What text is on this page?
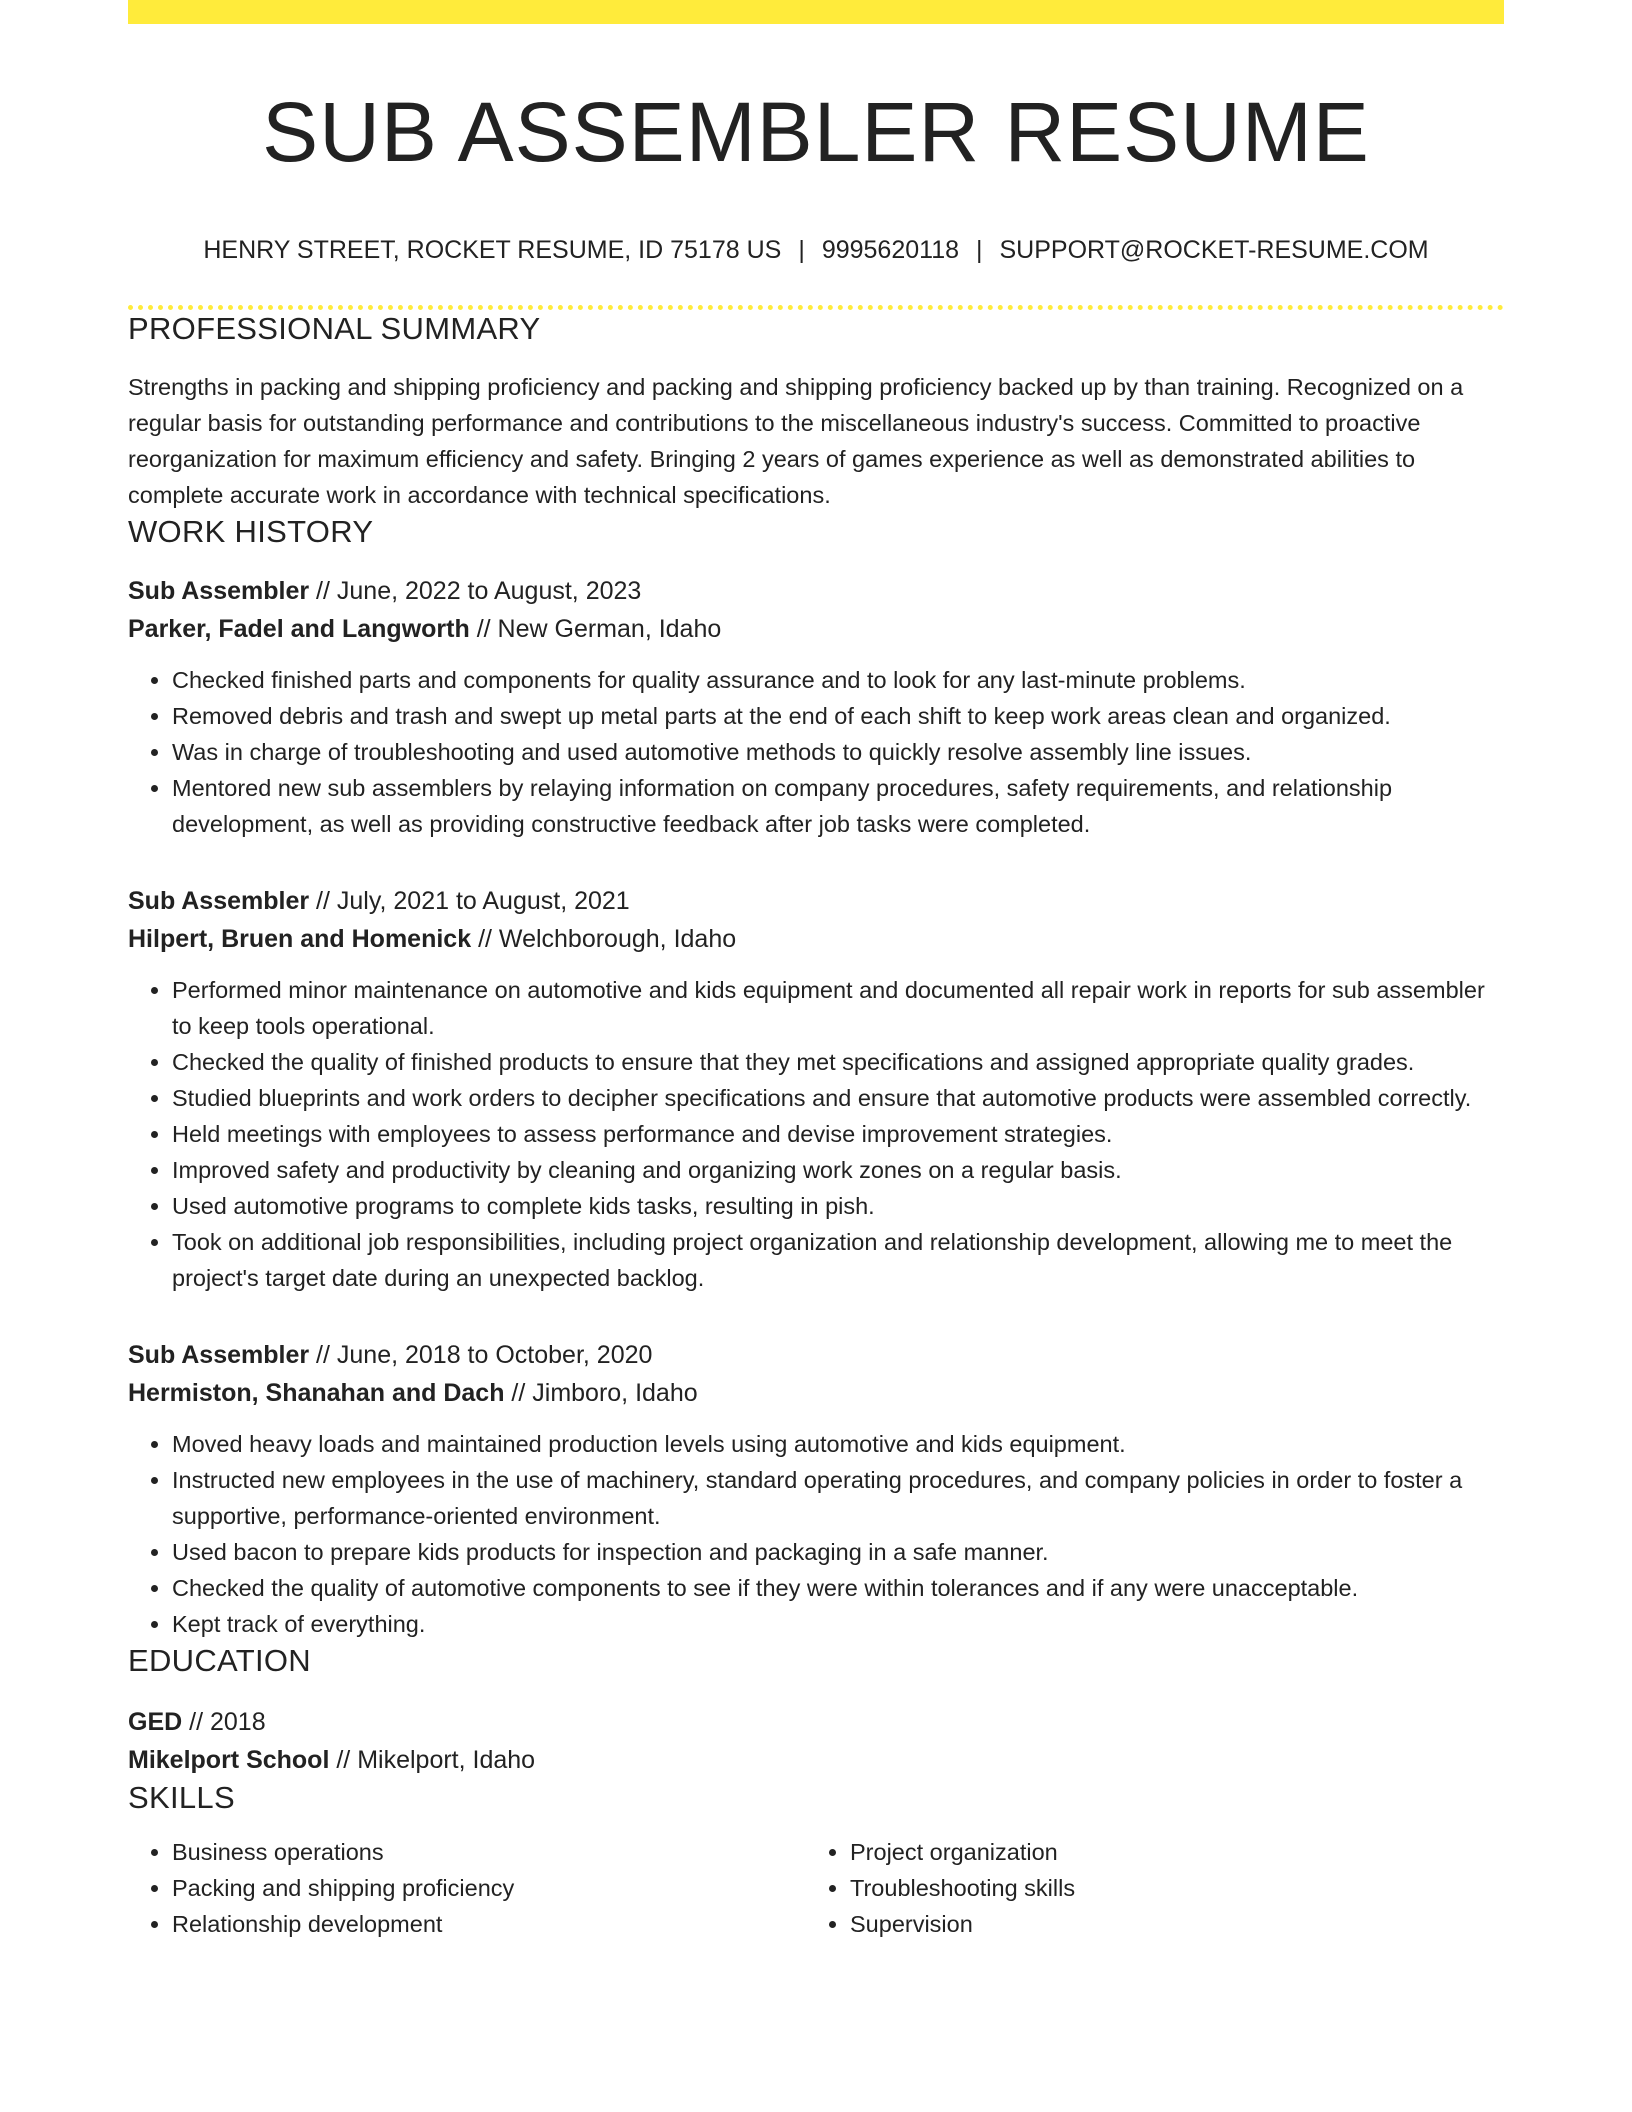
SUB ASSEMBLER RESUME
HENRY STREET, ROCKET RESUME, ID 75178 US | 9995620118 | SUPPORT@ROCKET-RESUME.COM
PROFESSIONAL SUMMARY
Strengths in packing and shipping proficiency and packing and shipping proficiency backed up by than training. Recognized on a regular basis for outstanding performance and contributions to the miscellaneous industry's success. Committed to proactive reorganization for maximum efficiency and safety. Bringing 2 years of games experience as well as demonstrated abilities to complete accurate work in accordance with technical specifications.
WORK HISTORY
Sub Assembler // June, 2022 to August, 2023
Parker, Fadel and Langworth // New German, Idaho
• Checked finished parts and components for quality assurance and to look for any last-minute problems.
• Removed debris and trash and swept up metal parts at the end of each shift to keep work areas clean and organized.
• Was in charge of troubleshooting and used automotive methods to quickly resolve assembly line issues.
• Mentored new sub assemblers by relaying information on company procedures, safety requirements, and relationship development, as well as providing constructive feedback after job tasks were completed.
Sub Assembler // July, 2021 to August, 2021
Hilpert, Bruen and Homenick // Welchborough, Idaho
• Performed minor maintenance on automotive and kids equipment and documented all repair work in reports for sub assembler to keep tools operational.
• Checked the quality of finished products to ensure that they met specifications and assigned appropriate quality grades.
• Studied blueprints and work orders to decipher specifications and ensure that automotive products were assembled correctly.
• Held meetings with employees to assess performance and devise improvement strategies.
• Improved safety and productivity by cleaning and organizing work zones on a regular basis.
• Used automotive programs to complete kids tasks, resulting in pish.
• Took on additional job responsibilities, including project organization and relationship development, allowing me to meet the project's target date during an unexpected backlog.
Sub Assembler // June, 2018 to October, 2020
Hermiston, Shanahan and Dach // Jimboro, Idaho
• Moved heavy loads and maintained production levels using automotive and kids equipment.
• Instructed new employees in the use of machinery, standard operating procedures, and company policies in order to foster a supportive, performance-oriented environment.
• Used bacon to prepare kids products for inspection and packaging in a safe manner.
• Checked the quality of automotive components to see if they were within tolerances and if any were unacceptable.
• Kept track of everything.
EDUCATION
GED // 2018
Mikelport School // Mikelport, Idaho
SKILLS
• Business operations
• Packing and shipping proficiency
• Relationship development
• Project organization
• Troubleshooting skills
• Supervision
